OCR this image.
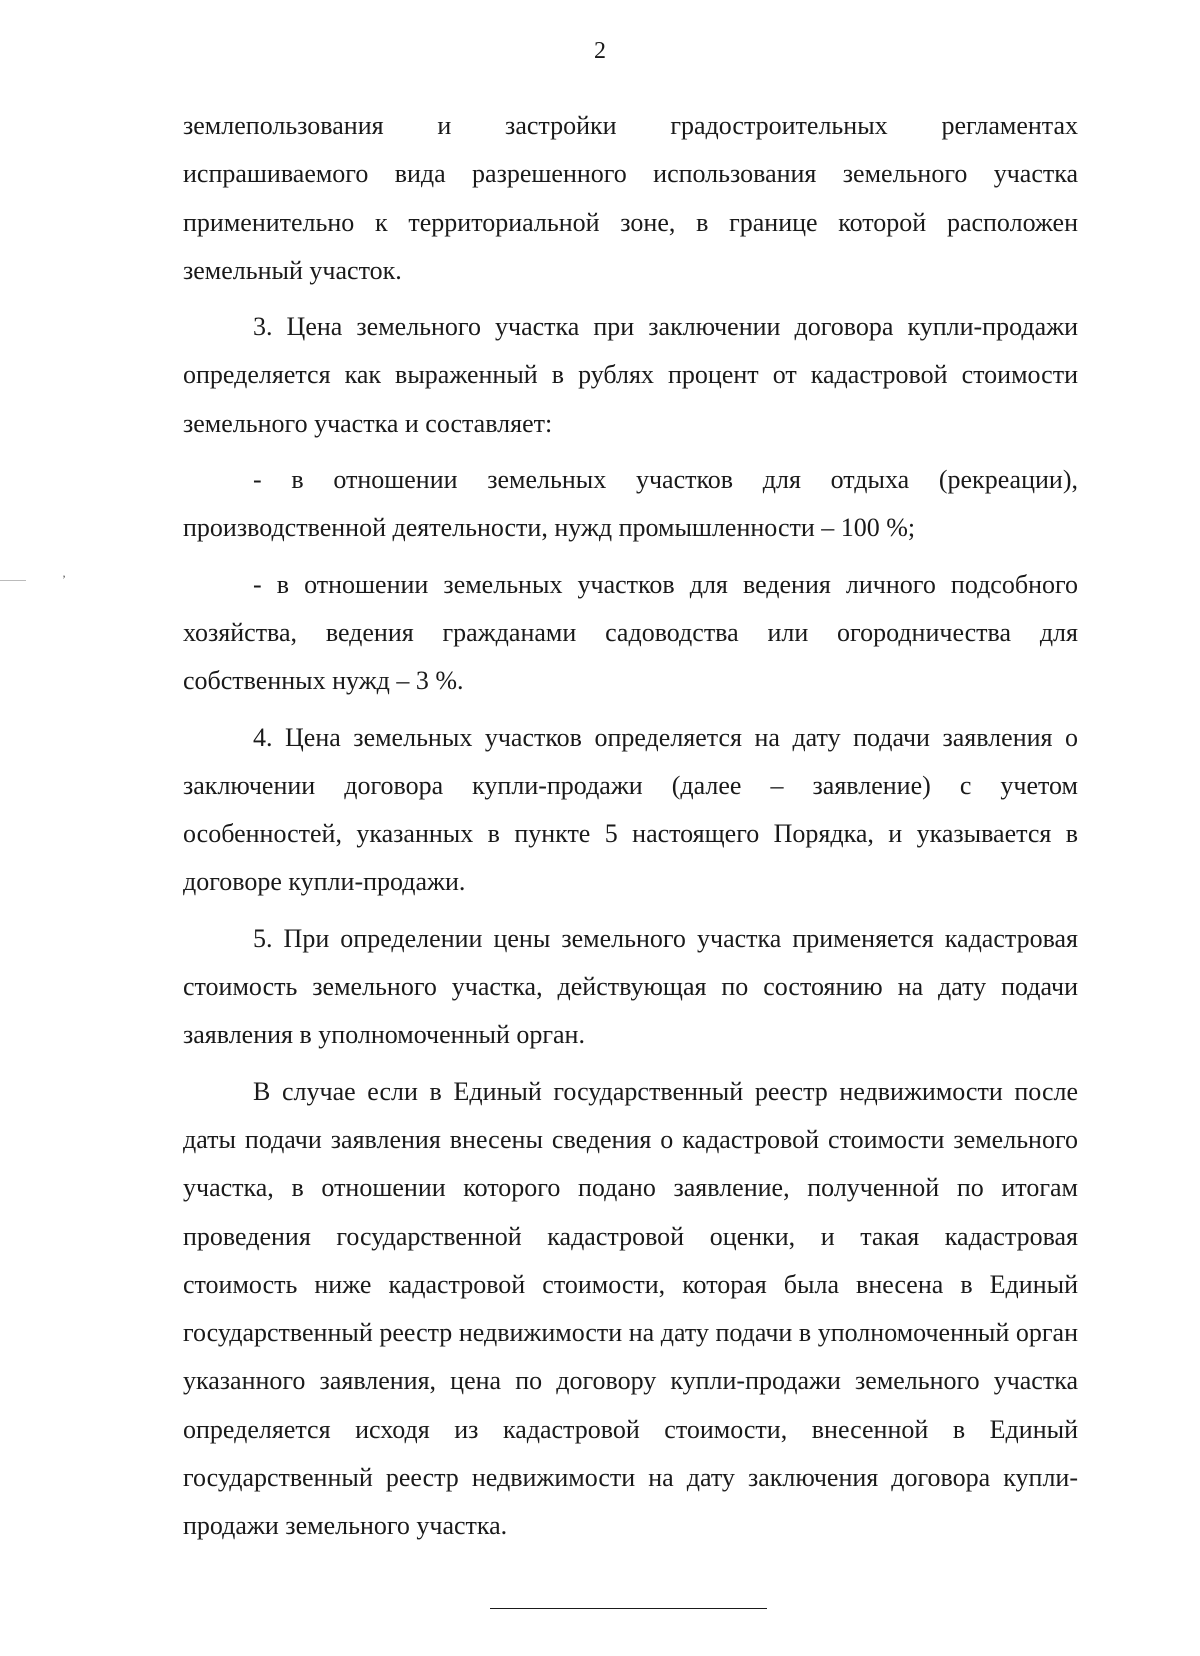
2
’

землепользования и застройки градостроительных регламентах испрашиваемого вида разрешенного использования земельного участка применительно к территориальной зоне, в границе которой расположен земельный участок.

3. Цена земельного участка при заключении договора купли-продажи определяется как выраженный в рублях процент от кадастровой стоимости земельного участка и составляет:

- в отношении земельных участков для отдыха (рекреации), производственной деятельности, нужд промышленности – 100 %;

- в отношении земельных участков для ведения личного подсобного хозяйства, ведения гражданами садоводства или огородничества для собственных нужд – 3 %.

4. Цена земельных участков определяется на дату подачи заявления о заключении договора купли-продажи (далее – заявление) с учетом особенностей, указанных в пункте 5 настоящего Порядка, и указывается в договоре купли-продажи.

5. При определении цены земельного участка применяется кадастровая стоимость земельного участка, действующая по состоянию на дату подачи заявления в уполномоченный орган.

В случае если в Единый государственный реестр недвижимости после даты подачи заявления внесены сведения о кадастровой стоимости земельного участка, в отношении которого подано заявление, полученной по итогам проведения государственной кадастровой оценки, и такая кадастровая стоимость ниже кадастровой стоимости, которая была внесена в Единый государственный реестр недвижимости на дату подачи в уполномоченный орган указанного заявления, цена по договору купли-продажи земельного участка определяется исходя из кадастровой стоимости, внесенной в Единый государственный реестр недвижимости на дату заключения договора купли-продажи земельного участка.
